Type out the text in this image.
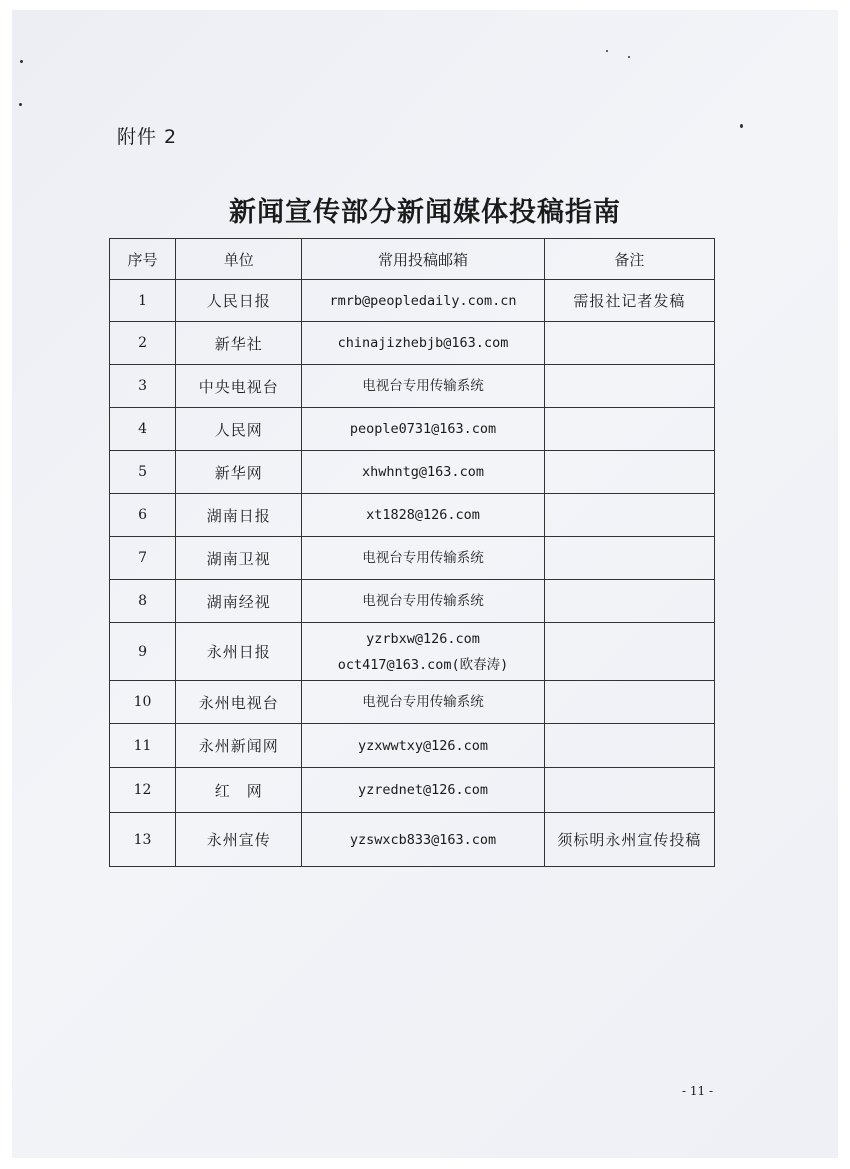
附件 2
新闻宣传部分新闻媒体投稿指南
序号	单位	常用投稿邮箱	备注
1	人民日报	rmrb@peopledaily.com.cn	需报社记者发稿
2	新华社	chinajizhebjb@163.com	
3	中央电视台	电视台专用传输系统	
4	人民网	people0731@163.com	
5	新华网	xhwhntg@163.com	
6	湖南日报	xt1828@126.com	
7	湖南卫视	电视台专用传输系统	
8	湖南经视	电视台专用传输系统	
9	永州日报	yzrbxw@126.com
oct417@163.com(欧春涛)	

10	永州电视台	电视台专用传输系统	
11	永州新闻网	yzxwwtxy@126.com	
12	红　网	yzrednet@126.com	
13	永州宣传	yzswxcb833@163.com	须标明永州宣传投稿
- 11 -
